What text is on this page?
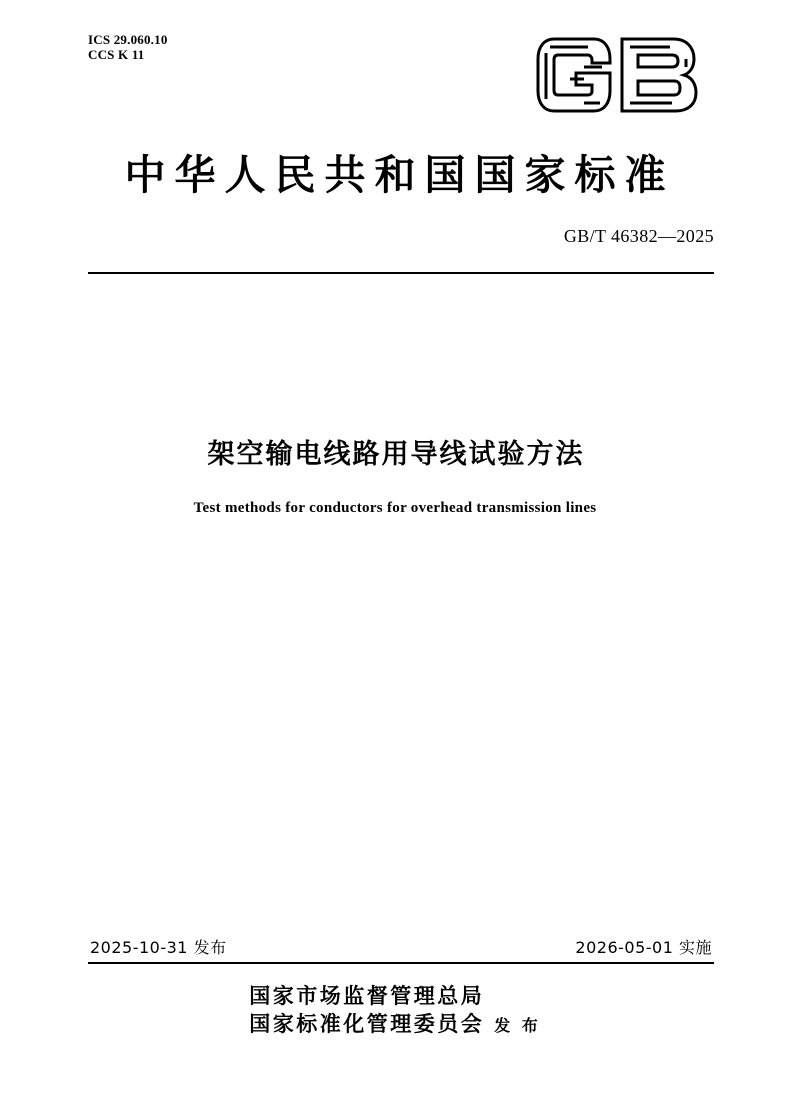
ICS 29.060.10
CCS K 11
中华人民共和国国家标准
GB/T 46382—2025
架空输电线路用导线试验方法
Test methods for conductors for overhead transmission lines
2025-10-31 发布	2026-05-01 实施
国家市场监督管理总局
国家标准化管理委员会 发 布
